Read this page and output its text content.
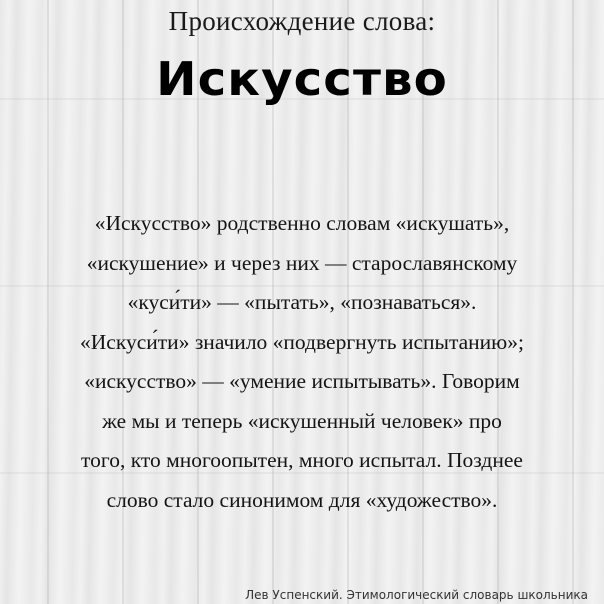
Происхождение слова:
Искусство
«Искусство» родственно словам «искушать»,
«искушение» и через них — старославянскому
«куси́ти» — «пытать», «познаваться».
«Искуси́ти» значило «подвергнуть испытанию»;
«искусство» — «умение испытывать». Говорим
же мы и теперь «искушенный человек» про
того, кто многоопытен, много испытал. Позднее
слово стало синонимом для «художество».
Лев Успенский. Этимологический словарь школьника
